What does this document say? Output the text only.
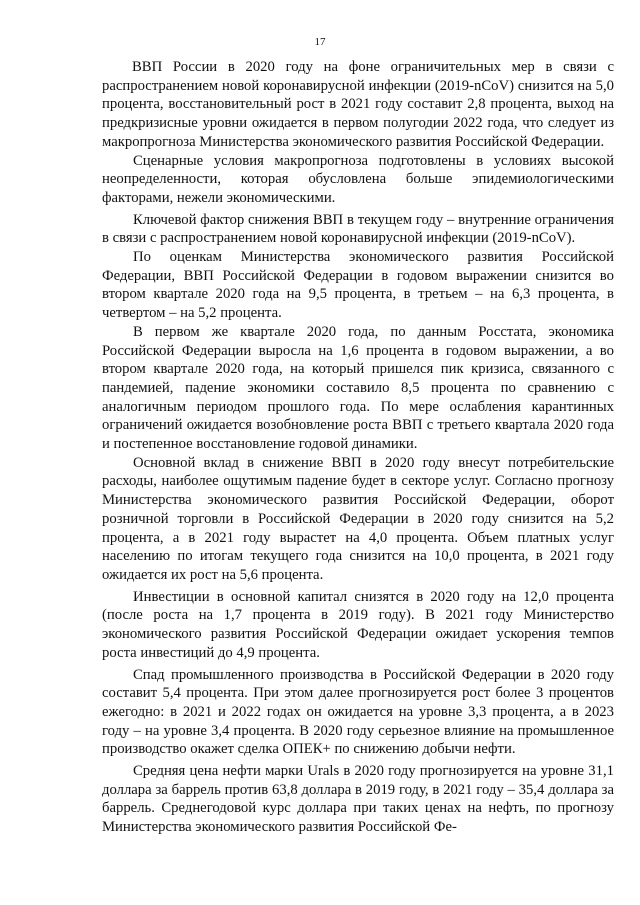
17

ВВП России в 2020 году на фоне ограничительных мер в связи с распространением новой коронавирусной инфекции (2019-nCoV) снизится на 5,0 процента, восстановительный рост в 2021 году составит 2,8 процента, выход на предкризисные уровни ожидается в первом полугодии 2022 года, что следует из макропрогноза Министерства экономического развития Российской Федерации.

Сценарные условия макропрогноза подготовлены в условиях высокой неопределенности, которая обусловлена больше эпидемиологическими факторами, нежели экономическими.

Ключевой фактор снижения ВВП в текущем году – внутренние ограничения в связи с распространением новой коронавирусной инфекции (2019-nCoV).

По оценкам Министерства экономического развития Российской Федерации, ВВП Российской Федерации в годовом выражении снизится во втором квартале 2020 года на 9,5 процента, в третьем – на 6,3 процента, в четвертом – на 5,2 процента.

В первом же квартале 2020 года, по данным Росстата, экономика Российской Федерации выросла на 1,6 процента в годовом выражении, а во втором квартале 2020 года, на который пришелся пик кризиса, связанного с пандемией, падение экономики составило 8,5 процента по сравнению с аналогичным периодом прошлого года. По мере ослабления карантинных ограничений ожидается возобновление роста ВВП с третьего квартала 2020 года и постепенное восстановление годовой динамики.

Основной вклад в снижение ВВП в 2020 году внесут потребительские расходы, наиболее ощутимым падение будет в секторе услуг. Согласно прогнозу Министерства экономического развития Российской Федерации, оборот розничной торговли в Российской Федерации в 2020 году снизится на 5,2 процента, а в 2021 году вырастет на 4,0 процента. Объем платных услуг населению по итогам текущего года снизится на 10,0 процента, в 2021 году ожидается их рост на 5,6 процента.

Инвестиции в основной капитал снизятся в 2020 году на 12,0 процента (после роста на 1,7 процента в 2019 году). В 2021 году Министерство экономического развития Российской Федерации ожидает ускорения темпов роста инвестиций до 4,9 процента.

Спад промышленного производства в Российской Федерации в 2020 году составит 5,4 процента. При этом далее прогнозируется рост более 3 процентов ежегодно: в 2021 и 2022 годах он ожидается на уровне 3,3 процента, а в 2023 году – на уровне 3,4 процента. В 2020 году серьезное влияние на промышленное производство окажет сделка ОПЕК+ по снижению добычи нефти.

Средняя цена нефти марки Urals в 2020 году прогнозируется на уровне 31,1 доллара за баррель против 63,8 доллара в 2019 году, в 2021 году – 35,4 доллара за баррель. Среднегодовой курс доллара при таких ценах на нефть, по прогнозу Министерства экономического развития Российской Фе-
